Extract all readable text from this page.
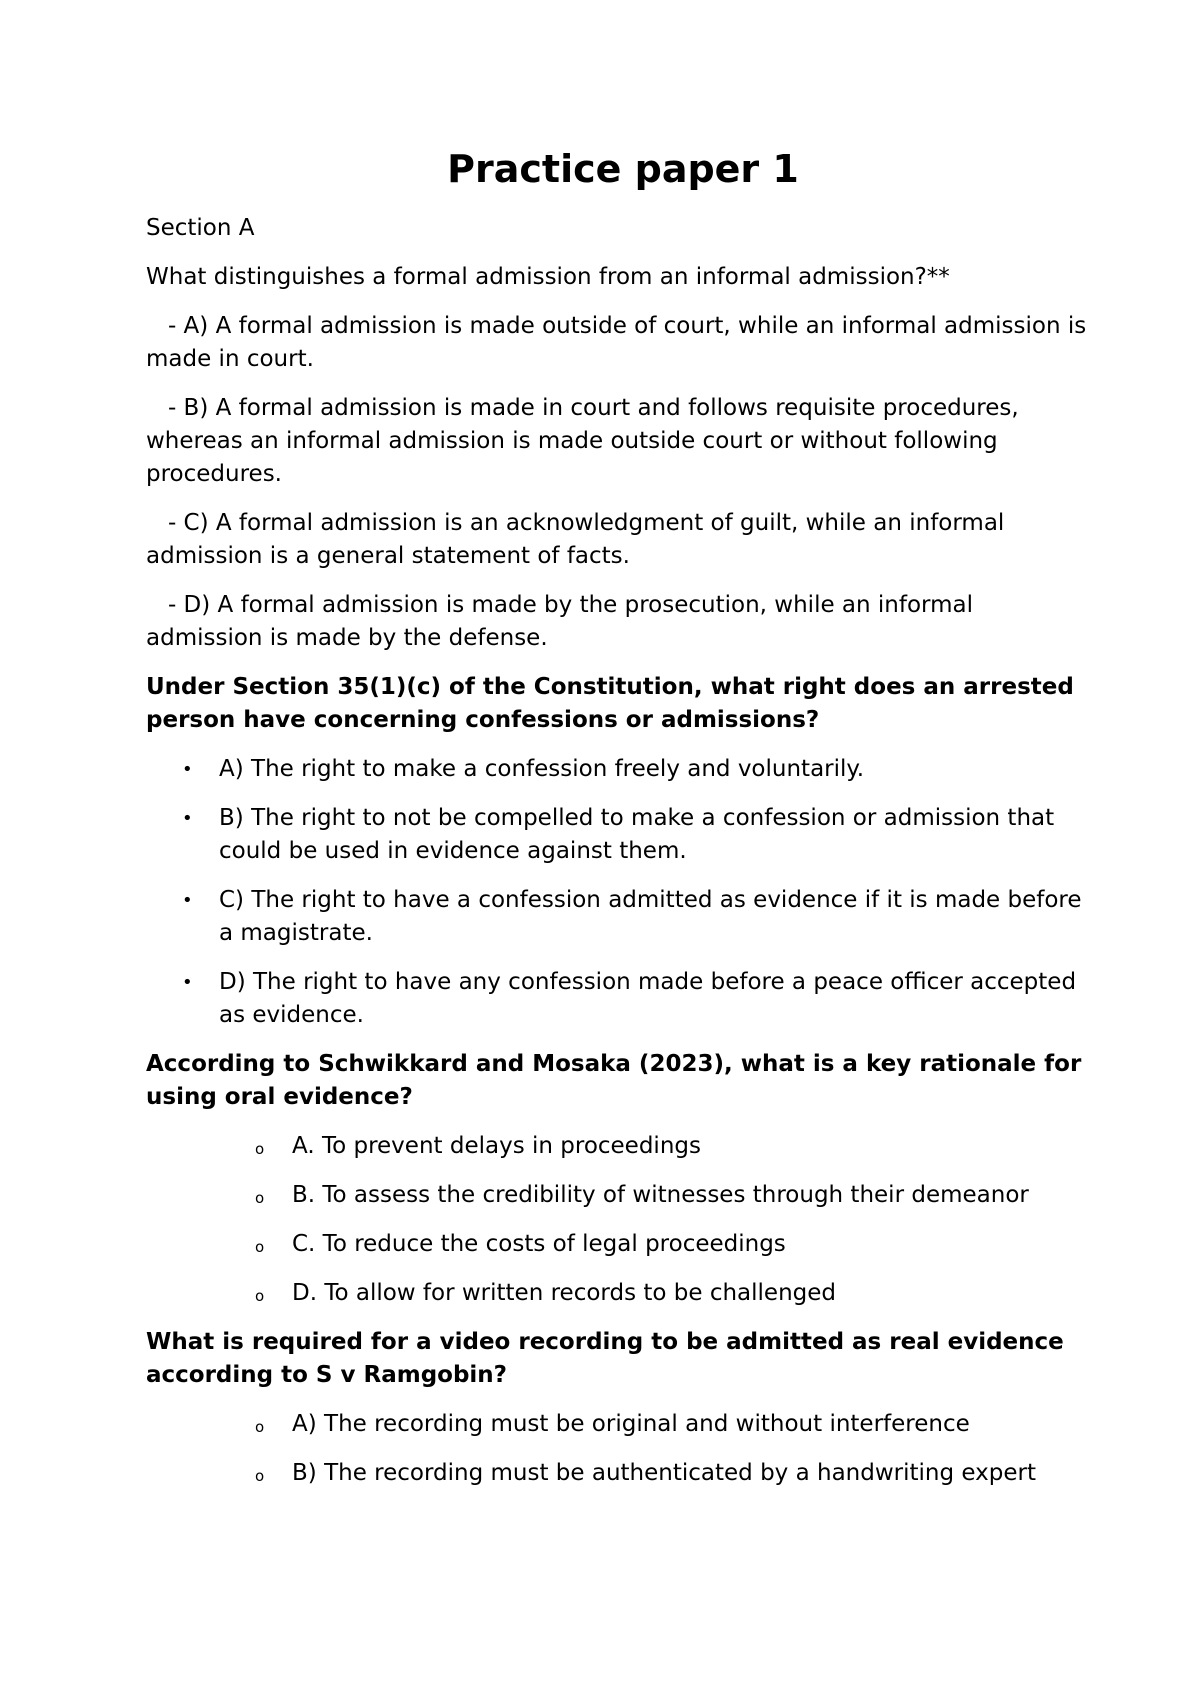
Practice paper 1

Section A

What distinguishes a formal admission from an informal admission?**

- A) A formal admission is made outside of court, while an informal admission is made in court.

- B) A formal admission is made in court and follows requisite procedures, whereas an informal admission is made outside court or without following procedures.

- C) A formal admission is an acknowledgment of guilt, while an informal admission is a general statement of facts.

- D) A formal admission is made by the prosecution, while an informal admission is made by the defense.

Under Section 35(1)(c) of the Constitution, what right does an arrested person have concerning confessions or admissions?

• A) The right to make a confession freely and voluntarily.
• B) The right to not be compelled to make a confession or admission that could be used in evidence against them.
• C) The right to have a confession admitted as evidence if it is made before a magistrate.
• D) The right to have any confession made before a peace officer accepted as evidence.

According to Schwikkard and Mosaka (2023), what is a key rationale for using oral evidence?

o A. To prevent delays in proceedings
o B. To assess the credibility of witnesses through their demeanor
o C. To reduce the costs of legal proceedings
o D. To allow for written records to be challenged

What is required for a video recording to be admitted as real evidence according to S v Ramgobin?

o A) The recording must be original and without interference
o B) The recording must be authenticated by a handwriting expert
